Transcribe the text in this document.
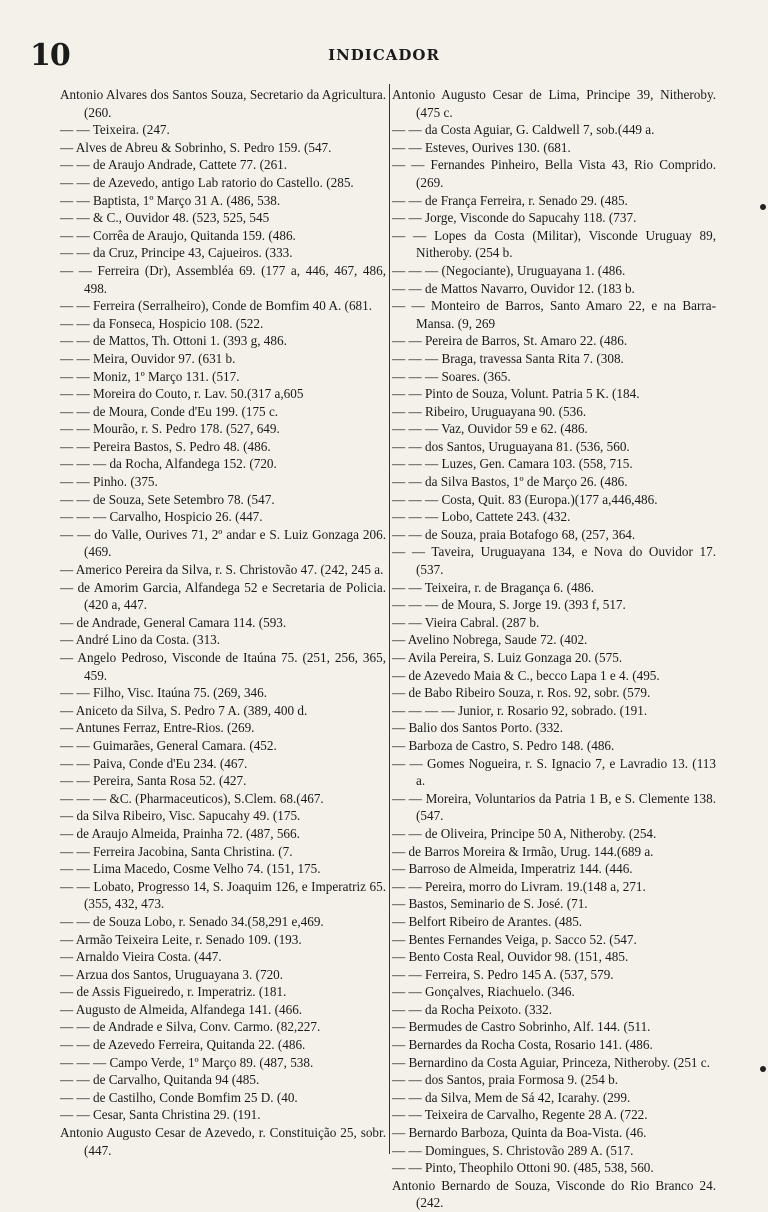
10	INDICADOR

Antonio Alvares dos Santos Souza, Secretario da Agricultura. (260.

— — Teixeira. (247.

— Alves de Abreu & Sobrinho, S. Pedro 159. (547.

— — de Araujo Andrade, Cattete 77. (261.

— — de Azevedo, antigo Lab ratorio do Castello. (285.

— — Baptista, 1º Março 31 A. (486, 538.

— — & C., Ouvidor 48. (523, 525, 545

— — Corrêa de Araujo, Quitanda 159. (486.

— — da Cruz, Principe 43, Cajueiros. (333.

— — Ferreira (Dr), Assembléa 69. (177 a, 446, 467, 486, 498.

— — Ferreira (Serralheiro), Conde de Bomfim 40 A. (681.

— — da Fonseca, Hospicio 108. (522.

— — de Mattos, Th. Ottoni 1. (393 g, 486.

— — Meira, Ouvidor 97. (631 b.

— — Moniz, 1º Março 131. (517.

— — Moreira do Couto, r. Lav. 50.(317 a,605

— — de Moura, Conde d'Eu 199. (175 c.

— — Mourão, r. S. Pedro 178. (527, 649.

— — Pereira Bastos, S. Pedro 48. (486.

— — — da Rocha, Alfandega 152. (720.

— — Pinho. (375.

— — de Souza, Sete Setembro 78. (547.

— — — Carvalho, Hospicio 26. (447.

— — do Valle, Ourives 71, 2º andar e S. Luiz Gonzaga 206. (469.

— Americo Pereira da Silva, r. S. Christovão 47. (242, 245 a.

— de Amorim Garcia, Alfandega 52 e Secretaria de Policia. (420 a, 447.

— de Andrade, General Camara 114. (593.

— André Lino da Costa. (313.

— Angelo Pedroso, Visconde de Itaúna 75. (251, 256, 365, 459.

— — Filho, Visc. Itaúna 75. (269, 346.

— Aniceto da Silva, S. Pedro 7 A. (389, 400 d.

— Antunes Ferraz, Entre-Rios. (269.

— — Guimarães, General Camara. (452.

— — Paiva, Conde d'Eu 234. (467.

— — Pereira, Santa Rosa 52. (427.

— — — &C. (Pharmaceuticos), S.Clem. 68.(467.

— da Silva Ribeiro, Visc. Sapucahy 49. (175.

— de Araujo Almeida, Prainha 72. (487, 566.

— — Ferreira Jacobina, Santa Christina. (7.

— — Lima Macedo, Cosme Velho 74. (151, 175.

— — Lobato, Progresso 14, S. Joaquim 126, e Imperatriz 65. (355, 432, 473.

— — de Souza Lobo, r. Senado 34.(58,291 e,469.

— Armão Teixeira Leite, r. Senado 109. (193.

— Arnaldo Vieira Costa. (447.

— Arzua dos Santos, Uruguayana 3. (720.

— de Assis Figueiredo, r. Imperatriz. (181.

— Augusto de Almeida, Alfandega 141. (466.

— — de Andrade e Silva, Conv. Carmo. (82,227.

— — de Azevedo Ferreira, Quitanda 22. (486.

— — — Campo Verde, 1º Março 89. (487, 538.

— — de Carvalho, Quitanda 94 (485.

— — de Castilho, Conde Bomfim 25 D. (40.

— — Cesar, Santa Christina 29. (191.

Antonio Augusto Cesar de Azevedo, r. Constituição 25, sobr. (447.

Antonio Augusto Cesar de Lima, Principe 39, Nitheroby. (475 c.

— — da Costa Aguiar, G. Caldwell 7, sob.(449 a.

— — Esteves, Ourives 130. (681.

— — Fernandes Pinheiro, Bella Vista 43, Rio Comprido. (269.

— — de França Ferreira, r. Senado 29. (485.

— — Jorge, Visconde do Sapucahy 118. (737.

— — Lopes da Costa (Militar), Visconde Uruguay 89, Nitheroby. (254 b.

— — — (Negociante), Uruguayana 1. (486.

— — de Mattos Navarro, Ouvidor 12. (183 b.

— — Monteiro de Barros, Santo Amaro 22, e na Barra-Mansa. (9, 269

— — Pereira de Barros, St. Amaro 22. (486.

— — — Braga, travessa Santa Rita 7. (308.

— — — Soares. (365.

— — Pinto de Souza, Volunt. Patria 5 K. (184.

— — Ribeiro, Uruguayana 90. (536.

— — — Vaz, Ouvidor 59 e 62. (486.

— — dos Santos, Uruguayana 81. (536, 560.

— — — Luzes, Gen. Camara 103. (558, 715.

— — da Silva Bastos, 1º de Março 26. (486.

— — — Costa, Quit. 83 (Europa.)(177 a,446,486.

— — — Lobo, Cattete 243. (432.

— — de Souza, praia Botafogo 68, (257, 364.

— — Taveira, Uruguayana 134, e Nova do Ouvidor 17. (537.

— — Teixeira, r. de Bragança 6. (486.

— — — de Moura, S. Jorge 19. (393 f, 517.

— — Vieira Cabral. (287 b.

— Avelino Nobrega, Saude 72. (402.

— Avila Pereira, S. Luiz Gonzaga 20. (575.

— de Azevedo Maia & C., becco Lapa 1 e 4. (495.

— de Babo Ribeiro Souza, r. Ros. 92, sobr. (579.

— — — — Junior, r. Rosario 92, sobrado. (191.

— Balio dos Santos Porto. (332.

— Barboza de Castro, S. Pedro 148. (486.

— — Gomes Nogueira, r. S. Ignacio 7, e Lavradio 13. (113 a.

— — Moreira, Voluntarios da Patria 1 B, e S. Clemente 138. (547.

— — de Oliveira, Principe 50 A, Nitheroby. (254.

— de Barros Moreira & Irmão, Urug. 144.(689 a.

— Barroso de Almeida, Imperatriz 144. (446.

— — Pereira, morro do Livram. 19.(148 a, 271.

— Bastos, Seminario de S. José. (71.

— Belfort Ribeiro de Arantes. (485.

— Bentes Fernandes Veiga, p. Sacco 52. (547.

— Bento Costa Real, Ouvidor 98. (151, 485.

— — Ferreira, S. Pedro 145 A. (537, 579.

— — Gonçalves, Riachuelo. (346.

— — da Rocha Peixoto. (332.

— Bermudes de Castro Sobrinho, Alf. 144. (511.

— Bernardes da Rocha Costa, Rosario 141. (486.

— Bernardino da Costa Aguiar, Princeza, Nitheroby. (251 c.

— — dos Santos, praia Formosa 9. (254 b.

— — da Silva, Mem de Sá 42, Icarahy. (299.

— — Teixeira de Carvalho, Regente 28 A. (722.

— Bernardo Barboza, Quinta da Boa-Vista. (46.

— — Domingues, S. Christovão 289 A. (517.

— — Pinto, Theophilo Ottoni 90. (485, 538, 560.

Antonio Bernardo de Souza, Visconde do Rio Branco 24. (242.
